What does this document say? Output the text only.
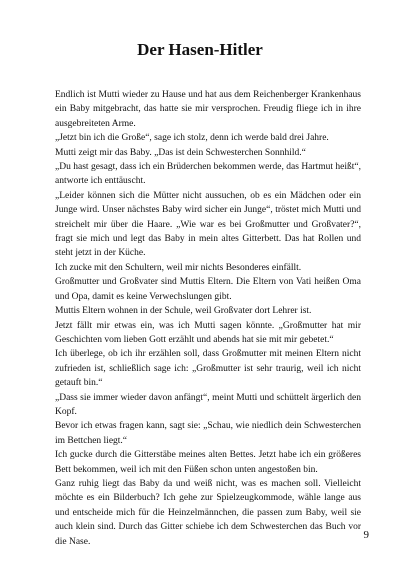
Der Hasen-Hitler

Endlich ist Mutti wieder zu Hause und hat aus dem Reichenberger Krankenhaus ein Baby mitgebracht, das hatte sie mir versprochen. Freudig fliege ich in ihre ausgebreiteten Arme.

„Jetzt bin ich die Große“, sage ich stolz, denn ich werde bald drei Jahre.

Mutti zeigt mir das Baby. „Das ist dein Schwesterchen Sonnhild.“

„Du hast gesagt, dass ich ein Brüderchen bekommen werde, das Hartmut heißt“, antworte ich enttäuscht.

„Leider können sich die Mütter nicht aussuchen, ob es ein Mädchen oder ein Junge wird. Unser nächstes Baby wird sicher ein Junge“, tröstet mich Mutti und streichelt mir über die Haare. „Wie war es bei Großmutter und Großvater?“, fragt sie mich und legt das Baby in mein altes Gitterbett. Das hat Rollen und steht jetzt in der Küche.

Ich zucke mit den Schultern, weil mir nichts Besonderes einfällt.

Großmutter und Großvater sind Muttis Eltern. Die Eltern von Vati heißen Oma und Opa, damit es keine Verwechslungen gibt.

Muttis Eltern wohnen in der Schule, weil Großvater dort Lehrer ist.

Jetzt fällt mir etwas ein, was ich Mutti sagen könnte. „Großmutter hat mir Geschichten vom lieben Gott erzählt und abends hat sie mit mir gebetet.“

Ich überlege, ob ich ihr erzählen soll, dass Großmutter mit meinen Eltern nicht zufrieden ist, schließlich sage ich: „Großmutter ist sehr traurig, weil ich nicht getauft bin.“

„Dass sie immer wieder davon anfängt“, meint Mutti und schüttelt ärgerlich den Kopf.

Bevor ich etwas fragen kann, sagt sie: „Schau, wie niedlich dein Schwesterchen im Bettchen liegt.“

Ich gucke durch die Gitterstäbe meines alten Bettes. Jetzt habe ich ein größeres Bett bekommen, weil ich mit den Füßen schon unten angestoßen bin.

Ganz ruhig liegt das Baby da und weiß nicht, was es machen soll. Vielleicht möchte es ein Bilderbuch? Ich gehe zur Spielzeugkommode, wähle lange aus und entscheide mich für die Heinzelmännchen, die passen zum Baby, weil sie auch klein sind. Durch das Gitter schiebe ich dem Schwesterchen das Buch vor die Nase.

9
